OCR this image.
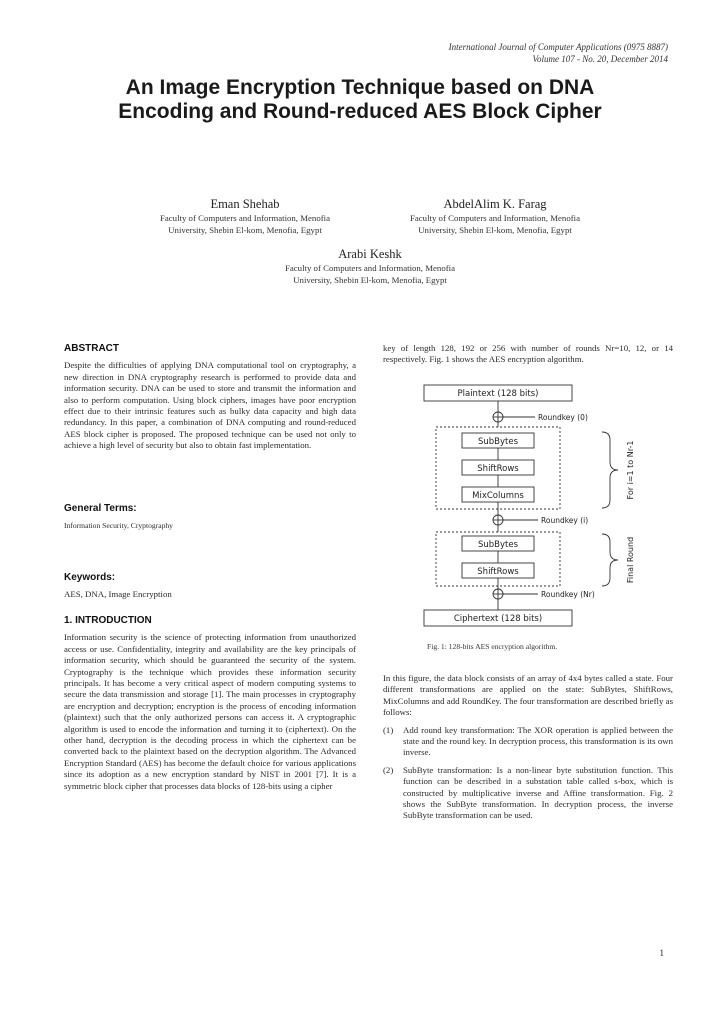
International Journal of Computer Applications (0975 8887)
Volume 107 - No. 20, December 2014
An Image Encryption Technique based on DNA
Encoding and Round-reduced AES Block Cipher
Eman Shehab
Faculty of Computers and Information, Menofia
University, Shebin El-kom, Menofia, Egypt
AbdelAlim K. Farag
Faculty of Computers and Information, Menofia
University, Shebin El-kom, Menofia, Egypt
Arabi Keshk
Faculty of Computers and Information, Menofia
University, Shebin El-kom, Menofia, Egypt
ABSTRACT
Despite the difficulties of applying DNA computational tool on cryptography, a new direction in DNA cryptography research is performed to provide data and information security. DNA can be used to store and transmit the information and also to perform computation. Using block ciphers, images have poor encryption effect due to their intrinsic features such as bulky data capacity and high data redundancy. In this paper, a combination of DNA computing and round-reduced AES block cipher is proposed. The proposed technique can be used not only to achieve a high level of security but also to obtain fast implementation.
General Terms:
Information Security, Cryptography
Keywords:
AES, DNA, Image Encryption
1. INTRODUCTION
Information security is the science of protecting information from unauthorized access or use. Confidentiality, integrity and availability are the key principals of information security, which should be guaranteed the security of the system. Cryptography is the technique which provides these information security principals. It has become a very critical aspect of modern computing systems to secure the data transmission and storage [1]. The main processes in cryptography are encryption and decryption; encryption is the process of encoding information (plaintext) such that the only authorized persons can access it. A cryptographic algorithm is used to encode the information and turning it to (ciphertext). On the other hand, decryption is the decoding process in which the ciphertext can be converted back to the plaintext based on the decryption algorithm. The Advanced Encryption Standard (AES) has become the default choice for various applications since its adoption as a new encryption standard by NIST in 2001 [7]. It is a symmetric block cipher that processes data blocks of 128-bits using a cipher
key of length 128, 192 or 256 with number of rounds Nr=10, 12, or 14 respectively. Fig. 1 shows the AES encryption algorithm.
Plaintext (128 bits)
Roundkey (0)
SubBytes
ShiftRows
MixColumns
Roundkey (i)
SubBytes
ShiftRows
Roundkey (Nr)
Ciphertext (128 bits)
For i=1 to Nr-1
Final Round
Fig. 1: 128-bits AES encryption algorithm.
In this figure, the data block consists of an array of 4x4 bytes called a state. Four different transformations are applied on the state: SubBytes, ShiftRows, MixColumns and add RoundKey. The four transformation are described briefly as follows:
(1)	Add round key transformation: The XOR operation is applied between the state and the round key. In decryption process, this transformation is its own inverse.
(2)	SubByte transformation: Is a non-linear byte substitution function. This function can be described in a substation table called s-box, which is constructed by multiplicative inverse and Affine transformation. Fig. 2 shows the SubByte transformation. In decryption process, the inverse SubByte transformation can be used.
1
